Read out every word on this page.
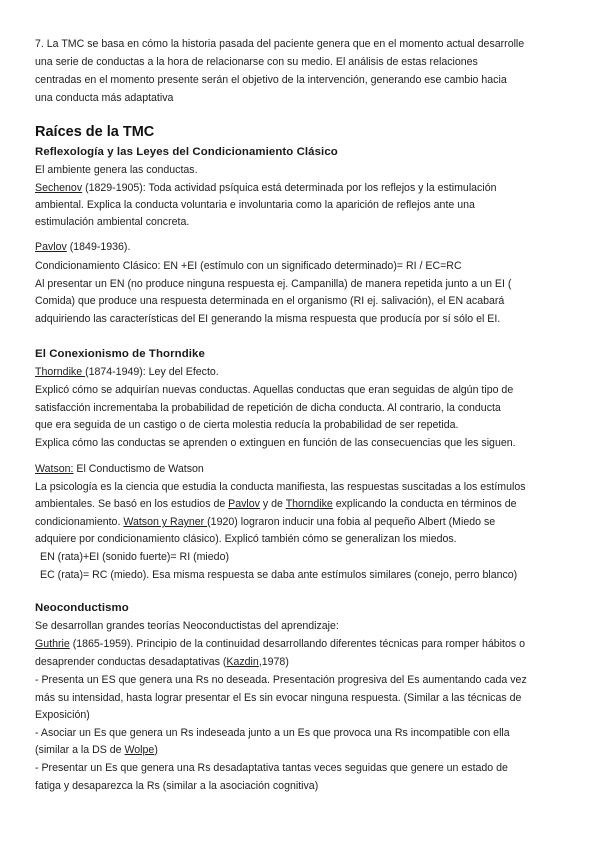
7. La TMC se basa en cómo la historia pasada del paciente genera que en el momento actual desarrolle

una serie de conductas a la hora de relacionarse con su medio. El análisis de estas relaciones

centradas en el momento presente serán el objetivo de la intervención, generando ese cambio hacia

una conducta más adaptativa

Raíces de la TMC
Reflexología y las Leyes del Condicionamiento Clásico

El ambiente genera las conductas.

Sechenov (1829-1905): Toda actividad psíquica está determinada por los reflejos y la estimulación

ambiental. Explica la conducta voluntaria e involuntaria como la aparición de reflejos ante una

estimulación ambiental concreta.

Pavlov (1849-1936).

Condicionamiento Clásico: EN +EI (estímulo con un significado determinado)= RI / EC=RC

Al presentar un EN (no produce ninguna respuesta ej. Campanilla) de manera repetida junto a un EI (

Comida) que produce una respuesta determinada en el organismo (RI ej. salivación), el EN acabará

adquiriendo las características del EI generando la misma respuesta que producía por sí sólo el EI.

El Conexionismo de Thorndike

Thorndike (1874-1949): Ley del Efecto.

Explicó cómo se adquirían nuevas conductas. Aquellas conductas que eran seguidas de algún tipo de

satisfacción incrementaba la probabilidad de repetición de dicha conducta. Al contrario, la conducta

que era seguida de un castigo o de cierta molestia reducía la probabilidad de ser repetida.

Explica cómo las conductas se aprenden o extinguen en función de las consecuencias que les siguen.

Watson: El Conductismo de Watson

La psicología es la ciencia que estudia la conducta manifiesta, las respuestas suscitadas a los estímulos

ambientales. Se basó en los estudios de Pavlov y de Thorndike explicando la conducta en términos de

condicionamiento. Watson y Rayner (1920) lograron inducir una fobia al pequeño Albert (Miedo se

adquiere por condicionamiento clásico). Explicó también cómo se generalizan los miedos.

EN (rata)+EI (sonido fuerte)= RI (miedo)

EC (rata)= RC (miedo). Esa misma respuesta se daba ante estímulos similares (conejo, perro blanco)

Neoconductismo

Se desarrollan grandes teorías Neoconductistas del aprendizaje:

Guthrie (1865-1959). Principio de la continuidad desarrollando diferentes técnicas para romper hábitos o

desaprender conductas desadaptativas (Kazdin,1978)

- Presenta un ES que genera una Rs no deseada. Presentación progresiva del Es aumentando cada vez

más su intensidad, hasta lograr presentar el Es sin evocar ninguna respuesta. (Similar a las técnicas de

Exposición)

- Asociar un Es que genera un Rs indeseada junto a un Es que provoca una Rs incompatible con ella

(similar a la DS de Wolpe)

- Presentar un Es que genera una Rs desadaptativa tantas veces seguidas que genere un estado de

fatiga y desaparezca la Rs (similar a la asociación cognitiva)
